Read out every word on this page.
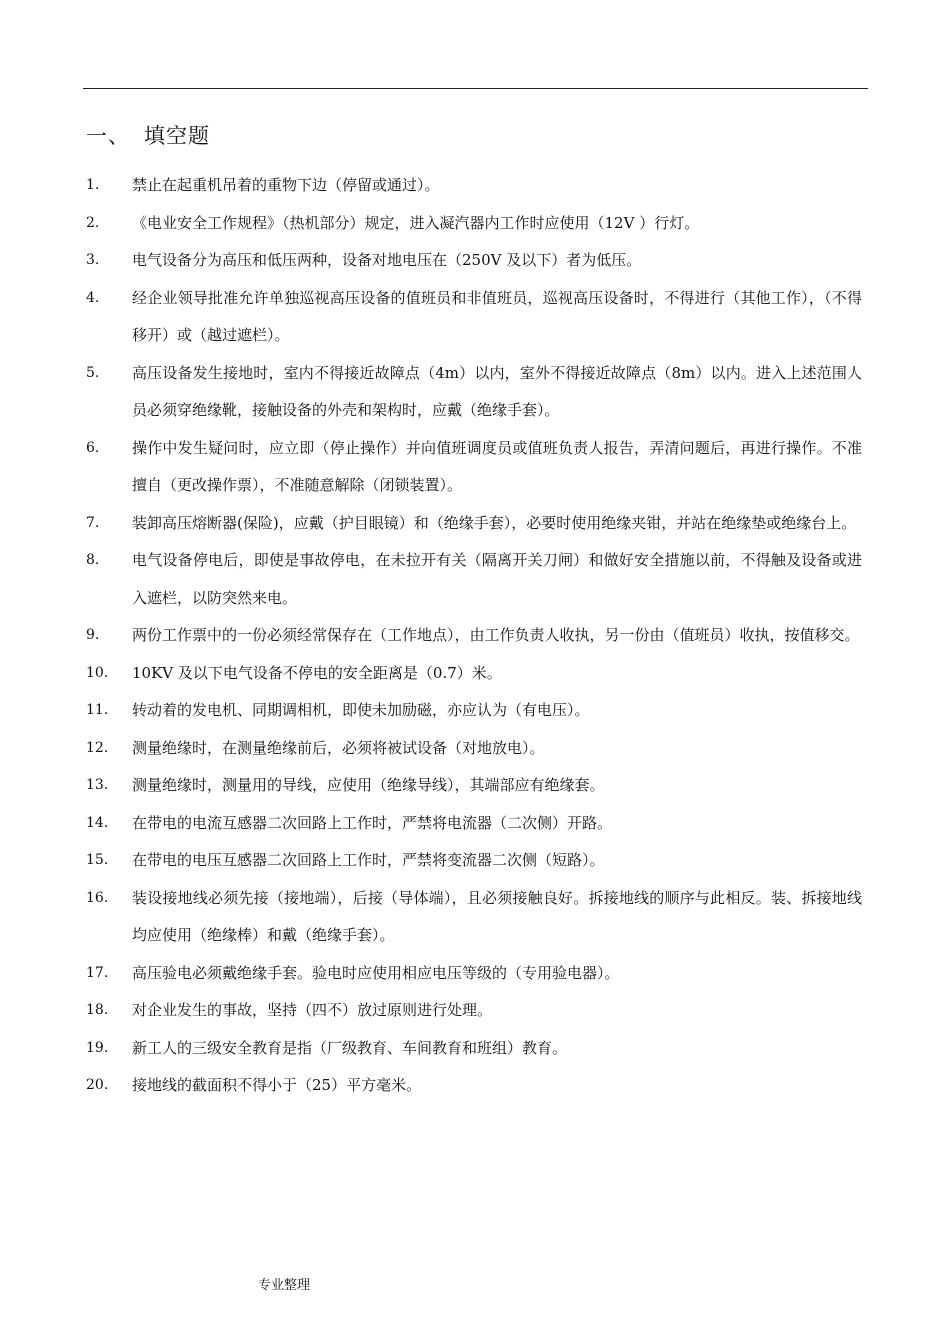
一、 填空题
1.	禁止在起重机吊着的重物下边（停留或通过）。
2.	《电业安全工作规程》（热机部分）规定，进入凝汽器内工作时应使用（12V ）行灯。
3.	电气设备分为高压和低压两种，设备对地电压在（250V 及以下）者为低压。
4.	经企业领导批准允许单独巡视高压设备的值班员和非值班员，巡视高压设备时，不得进行（其他工作），（不得移开）或（越过遮栏）。
5.	高压设备发生接地时，室内不得接近故障点（4m）以内，室外不得接近故障点（8m）以内。进入上述范围人员必须穿绝缘靴，接触设备的外壳和架构时，应戴（绝缘手套）。
6.	操作中发生疑问时，应立即（停止操作）并向值班调度员或值班负责人报告，弄清问题后，再进行操作。不准擅自（更改操作票），不准随意解除（闭锁装置）。
7.	装卸高压熔断器(保险)，应戴（护目眼镜）和（绝缘手套），必要时使用绝缘夹钳，并站在绝缘垫或绝缘台上。
8.	电气设备停电后，即使是事故停电，在未拉开有关（隔离开关刀闸）和做好安全措施以前，不得触及设备或进入遮栏，以防突然来电。
9.	两份工作票中的一份必须经常保存在（工作地点），由工作负责人收执，另一份由（值班员）收执，按值移交。
10.	10KV 及以下电气设备不停电的安全距离是（0.7）米。
11.	转动着的发电机、同期调相机，即使未加励磁，亦应认为（有电压）。
12.	测量绝缘时，在测量绝缘前后，必须将被试设备（对地放电）。
13.	测量绝缘时，测量用的导线，应使用（绝缘导线），其端部应有绝缘套。
14.	在带电的电流互感器二次回路上工作时，严禁将电流器（二次侧）开路。
15.	在带电的电压互感器二次回路上工作时，严禁将变流器二次侧（短路）。
16.	装设接地线必须先接（接地端），后接（导体端），且必须接触良好。拆接地线的顺序与此相反。装、拆接地线均应使用（绝缘棒）和戴（绝缘手套）。
17.	高压验电必须戴绝缘手套。验电时应使用相应电压等级的（专用验电器）。
18.	对企业发生的事故，坚持（四不）放过原则进行处理。
19.	新工人的三级安全教育是指（厂级教育、车间教育和班组）教育。
20.	接地线的截面积不得小于（25）平方毫米。
专业整理
